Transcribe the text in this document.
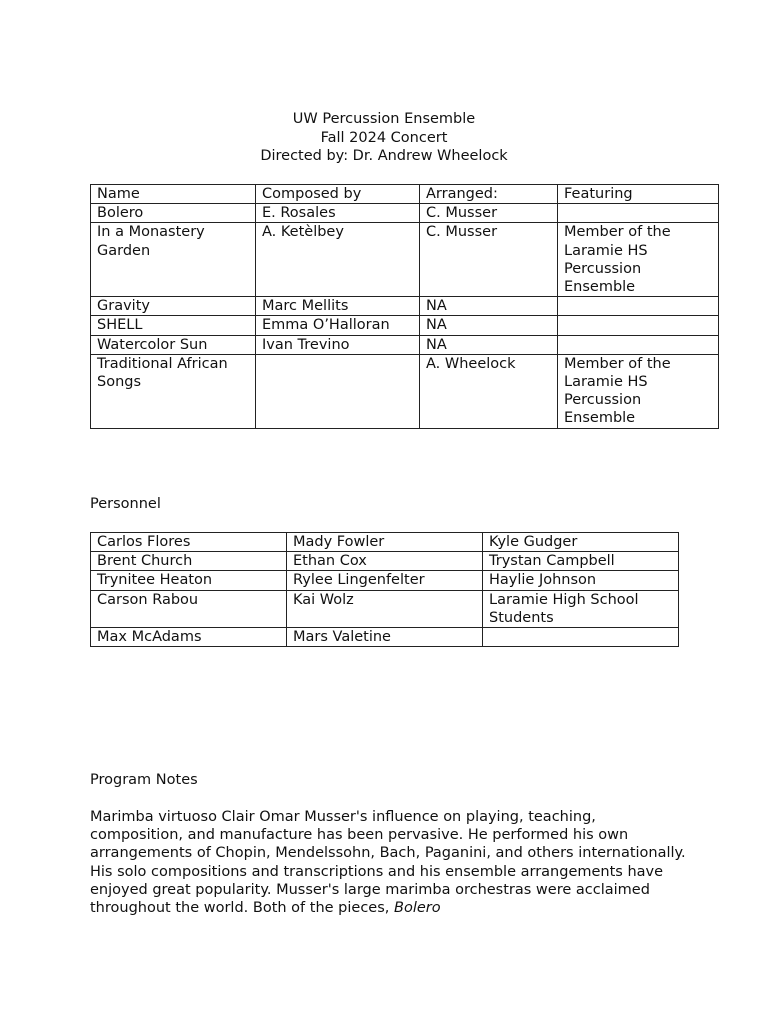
UW Percussion Ensemble
Fall 2024 Concert
Directed by: Dr. Andrew Wheelock
Name	Composed by	Arranged:	Featuring
Bolero	E. Rosales	C. Musser	
In a Monastery Garden	A. Ketèlbey	C. Musser	Member of the Laramie HS Percussion Ensemble
Gravity	Marc Mellits	NA	
SHELL	Emma O’Halloran	NA	
Watercolor Sun	Ivan Trevino	NA	
Traditional African Songs		A. Wheelock	Member of the Laramie HS Percussion Ensemble
Personnel
Carlos Flores	Mady Fowler	Kyle Gudger
Brent Church	Ethan Cox	Trystan Campbell
Trynitee Heaton	Rylee Lingenfelter	Haylie Johnson
Carson Rabou	Kai Wolz	Laramie High School Students
Max McAdams	Mars Valetine	
Program Notes
Marimba virtuoso Clair Omar Musser's influence on playing, teaching, composition, and manufacture has been pervasive. He performed his own arrangements of Chopin, Mendelssohn, Bach, Paganini, and others internationally. His solo compositions and transcriptions and his ensemble arrangements have enjoyed great popularity. Musser's large marimba orchestras were acclaimed throughout the world. Both of the pieces, Bolero
